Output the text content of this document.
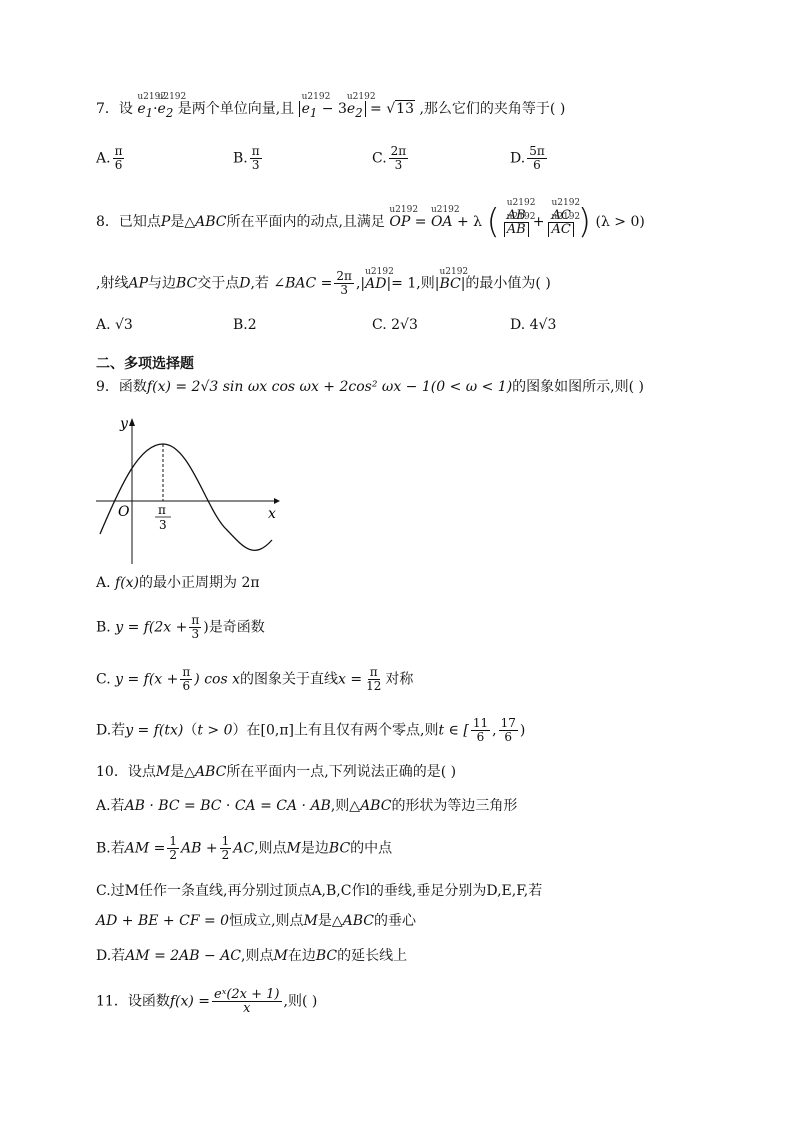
7．设 u2192 $e_1\cdot u2192$ $e_2$ 是两个单位向量,且 u2192 $e_1 - 3u2192$ $e_2 = √13$ ,那么它们的夹角等于( )
A. $\frac{\pi}{6}$	B. $\frac{\pi}{3}$	C. $\frac{2\pi}{3}$	D. $\frac{5\pi}{6}$
8．已知点P是△ABC所在平面内的动点,且满足 u2192 OP = u2192 OA + λ ( u2192 AB
u2192 AB + u2192 AC
u2192 AC ) (λ > 0)
,射线AP与边BC交于点D,若 ∠BAC = $\frac{2\pi}{3} ,|u2192$ AD|= 1,则|u2192 BC|的最小值为( )
A. √3	B.2	C. 2√3	D. 4√3
二、多项选择题
9．函数f(x) = 2√3 sin ωx cos ωx + 2cos² ωx − 1(0 < ω < 1)的图象如图所示,则( )
y
x
O π
3
A. f(x)的最小正周期为 2π
B. $y = f(2x + \frac{\pi}{3}$ )是奇函数
C. $y = f(x + \frac{\pi}{6}$ ) cos x的图象关于直线$x = \frac{\pi}{12}$ 对称
D.若y = f(tx)（t > 0）在[0,π]上有且仅有两个零点,则t ∈ [ $\frac{11}{6}$ , $\frac{17}{6}$ )
10．设点M是△ABC所在平面内一点,下列说法正确的是( )
A.若AB · BC = BC · CA = CA · AB,则△ABC的形状为等边三角形
B.若AM = $\frac{1}{2}$ AB + $\frac{1}{2}$ AC,则点M是边BC的中点
C.过M任作一条直线,再分别过顶点A,B,C作l的垂线,垂足分别为D,E,F,若
AD + BE + CF = 0恒成立,则点M是△ABC的垂心
D.若AM = 2AB − AC,则点M在边BC的延长线上
11．设函数$f(x) = \frac{\text{eˣ(2x + 1)}}{x}$ ,则( )
